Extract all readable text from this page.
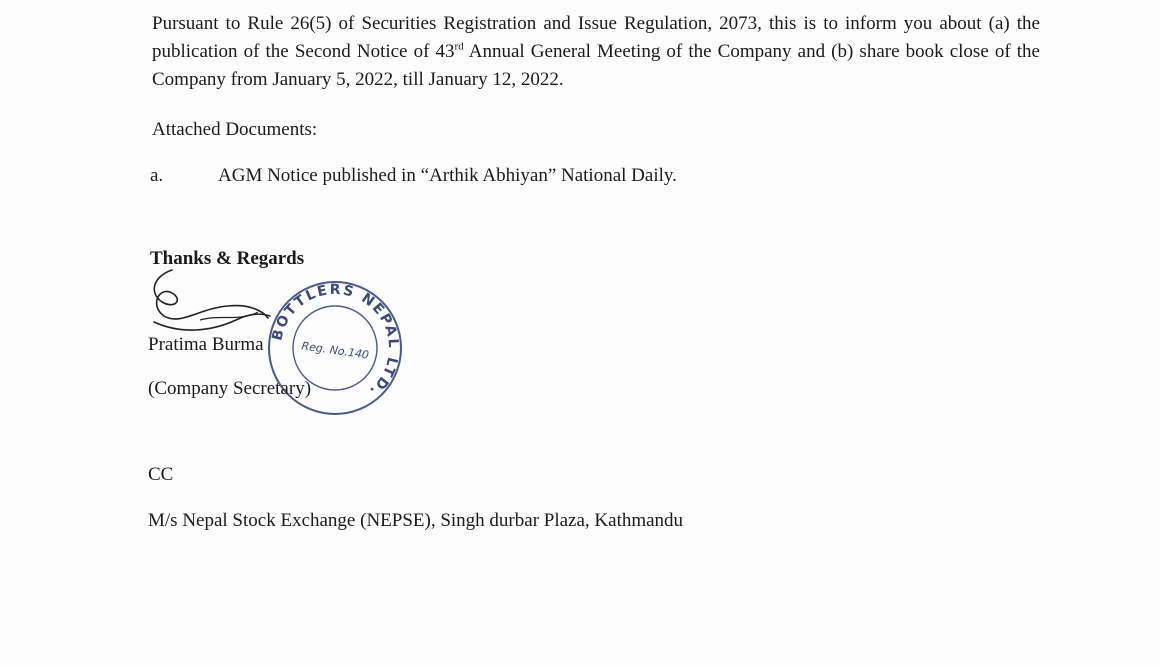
Pursuant to Rule 26(5) of Securities Registration and Issue Regulation, 2073, this is to inform you about (a) the publication of the Second Notice of 43rd Annual General Meeting of the Company and (b) share book close of the Company from January 5, 2022, till January 12, 2022.

Attached Documents:
a.	AGM Notice published in “Arthik Abhiyan” National Daily.
Thanks & Regards
BOTTLERS NEPAL LTD.
Reg. No.140
Pratima Burma
(Company Secretary)
CC
M/s Nepal Stock Exchange (NEPSE), Singh durbar Plaza, Kathmandu
